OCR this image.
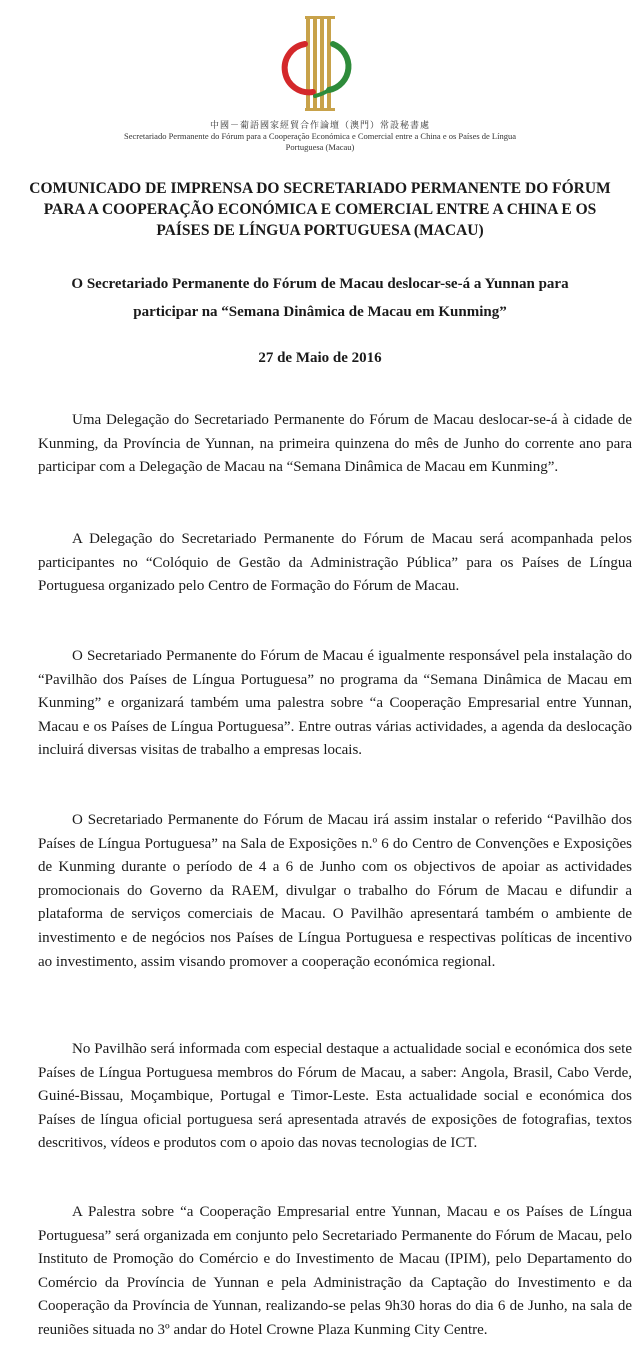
中國－葡語國家經貿合作論壇（澳門）常設秘書處
Secretariado Permanente do Fórum para a Cooperação Económica e Comercial entre a China e os Países de Língua Portuguesa (Macau)
COMUNICADO DE IMPRENSA DO SECRETARIADO PERMANENTE DO FÓRUM PARA A COOPERAÇÃO ECONÓMICA E COMERCIAL ENTRE A CHINA E OS PAÍSES DE LÍNGUA PORTUGUESA (MACAU)
O Secretariado Permanente do Fórum de Macau deslocar-se-á a Yunnan para participar na “Semana Dinâmica de Macau em Kunming”
27 de Maio de 2016

Uma Delegação do Secretariado Permanente do Fórum de Macau deslocar-se-á à cidade de Kunming, da Província de Yunnan, na primeira quinzena do mês de Junho do corrente ano para participar com a Delegação de Macau na “Semana Dinâmica de Macau em Kunming”.

A Delegação do Secretariado Permanente do Fórum de Macau será acompanhada pelos participantes no “Colóquio de Gestão da Administração Pública” para os Países de Língua Portuguesa organizado pelo Centro de Formação do Fórum de Macau.

O Secretariado Permanente do Fórum de Macau é igualmente responsável pela instalação do “Pavilhão dos Países de Língua Portuguesa” no programa da “Semana Dinâmica de Macau em Kunming” e organizará também uma palestra sobre “a Cooperação Empresarial entre Yunnan, Macau e os Países de Língua Portuguesa”. Entre outras várias actividades, a agenda da deslocação incluirá diversas visitas de trabalho a empresas locais.

O Secretariado Permanente do Fórum de Macau irá assim instalar o referido “Pavilhão dos Países de Língua Portuguesa” na Sala de Exposições n.º 6 do Centro de Convenções e Exposições de Kunming durante o período de 4 a 6 de Junho com os objectivos de apoiar as actividades promocionais do Governo da RAEM, divulgar o trabalho do Fórum de Macau e difundir a plataforma de serviços comerciais de Macau. O Pavilhão apresentará também o ambiente de investimento e de negócios nos Países de Língua Portuguesa e respectivas políticas de incentivo ao investimento, assim visando promover a cooperação económica regional.

No Pavilhão será informada com especial destaque a actualidade social e económica dos sete Países de Língua Portuguesa membros do Fórum de Macau, a saber: Angola, Brasil, Cabo Verde, Guiné-Bissau, Moçambique, Portugal e Timor-Leste. Esta actualidade social e económica dos Países de língua oficial portuguesa será apresentada através de exposições de fotografias, textos descritivos, vídeos e produtos com o apoio das novas tecnologias de ICT.

A Palestra sobre “a Cooperação Empresarial entre Yunnan, Macau e os Países de Língua Portuguesa” será organizada em conjunto pelo Secretariado Permanente do Fórum de Macau, pelo Instituto de Promoção do Comércio e do Investimento de Macau (IPIM), pelo Departamento do Comércio da Província de Yunnan e pela Administração da Captação do Investimento e da Cooperação da Província de Yunnan, realizando-se pelas 9h30 horas do dia 6 de Junho, na sala de reuniões situada no 3º andar do Hotel Crowne Plaza Kunming City Centre.
